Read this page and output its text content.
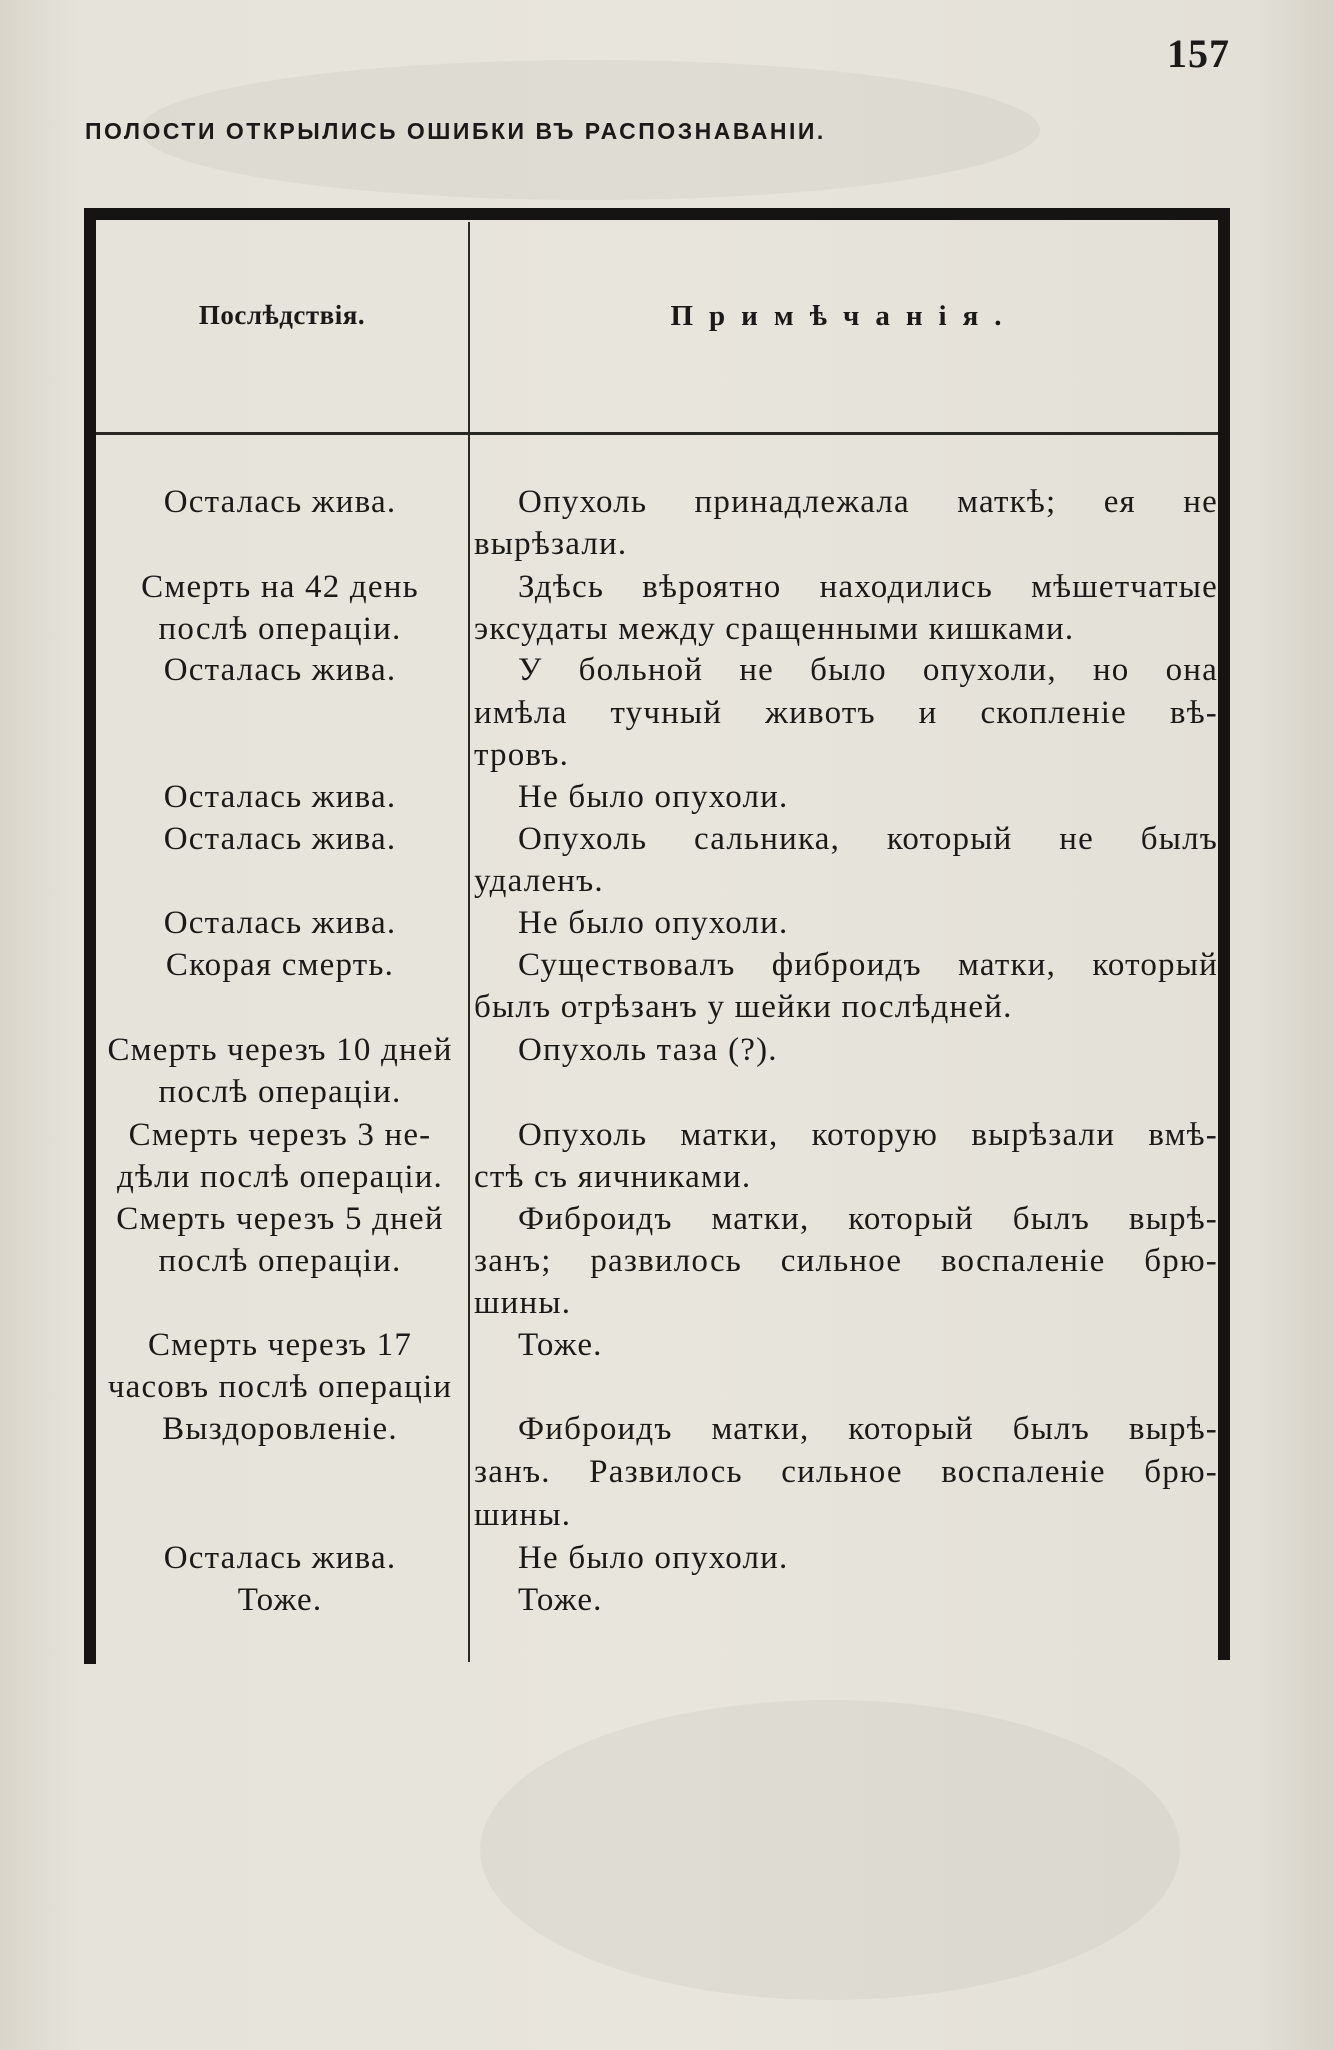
157
ПОЛОСТИ ОТКРЫЛИСЬ ОШИБКИ ВЪ РАСПОЗНАВАНІИ.
Послѣдствія.	Примѣчанія.
Осталась жива.
Смерть на 42 день
послѣ операціи.
Осталась жива.
Осталась жива.
Осталась жива.
Осталась жива.
Скорая смерть.
Смерть черезъ 10 дней
послѣ операціи.
Смерть черезъ 3 не-
дѣли послѣ операціи.
Смерть черезъ 5 дней
послѣ операціи.
Смерть черезъ 17
часовъ послѣ операціи
Выздоровленіе.
Осталась жива.
Тоже.
Опухоль принадлежала маткѣ; ея не
вырѣзали.
Здѣсь вѣроятно находились мѣшетчатые
эксудаты между сращенными кишками.
У больной не было опухоли, но она
имѣла тучный животъ и скопленіе вѣ-
тровъ.
Не было опухоли.
Опухоль сальника, который не былъ
удаленъ.
Не было опухоли.
Существовалъ фиброидъ матки, который
былъ отрѣзанъ у шейки послѣдней.
Опухоль таза (?).
Опухоль матки, которую вырѣзали вмѣ-
стѣ съ яичниками.
Фиброидъ матки, который былъ вырѣ-
занъ; развилось сильное воспаленіе брю-
шины.
Тоже.
Фиброидъ матки, который былъ вырѣ-
занъ. Развилось сильное воспаленіе брю-
шины.
Не было опухоли.
Тоже.
